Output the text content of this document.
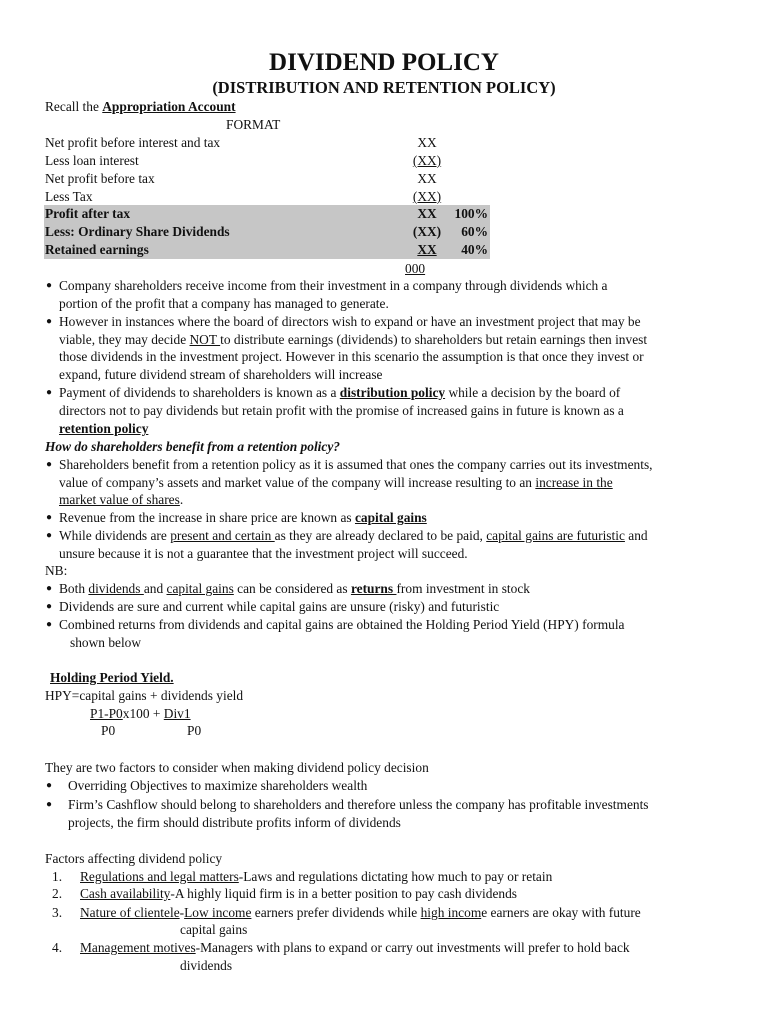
DIVIDEND POLICY
(DISTRIBUTION AND RETENTION POLICY)
Recall the Appropriation Account
FORMAT
Net profit before interest and tax	XX
Less loan interest	(XX)
Net profit before tax	XX
Less Tax	(XX)
Profit after tax	XX	100%
Less: Ordinary Share Dividends	(XX)	60%
Retained earnings	XX	40%
000
● Company shareholders receive income from their investment in a company through dividends which a
portion of the profit that a company has managed to generate.
● However in instances where the board of directors wish to expand or have an investment project that may be
viable, they may decide NOT to distribute earnings (dividends) to shareholders but retain earnings then invest
those dividends in the investment project. However in this scenario the assumption is that once they invest or
expand, future dividend stream of shareholders will increase
● Payment of dividends to shareholders is known as a distribution policy while a decision by the board of
directors not to pay dividends but retain profit with the promise of increased gains in future is known as a
retention policy
How do shareholders benefit from a retention policy?
● Shareholders benefit from a retention policy as it is assumed that ones the company carries out its investments,
value of company’s assets and market value of the company will increase resulting to an increase in the
market value of shares.
● Revenue from the increase in share price are known as capital gains
● While dividends are present and certain as they are already declared to be paid, capital gains are futuristic and
unsure because it is not a guarantee that the investment project will succeed.
NB:
● Both dividends and capital gains can be considered as returns from investment in stock
● Dividends are sure and current while capital gains are unsure (risky) and futuristic
● Combined returns from dividends and capital gains are obtained the Holding Period Yield (HPY) formula
shown below
Holding Period Yield.
HPY=capital gains + dividends yield
P1-P0x100 + Div1
P0	P0
They are two factors to consider when making dividend policy decision
● Overriding Objectives to maximize shareholders wealth
● Firm’s Cashflow should belong to shareholders and therefore unless the company has profitable investments
projects, the firm should distribute profits inform of dividends
Factors affecting dividend policy
1. Regulations and legal matters-Laws and regulations dictating how much to pay or retain
2. Cash availability-A highly liquid firm is in a better position to pay cash dividends
3. Nature of clientele-Low income earners prefer dividends while high income earners are okay with future
capital gains
4. Management motives-Managers with plans to expand or carry out investments will prefer to hold back
dividends
